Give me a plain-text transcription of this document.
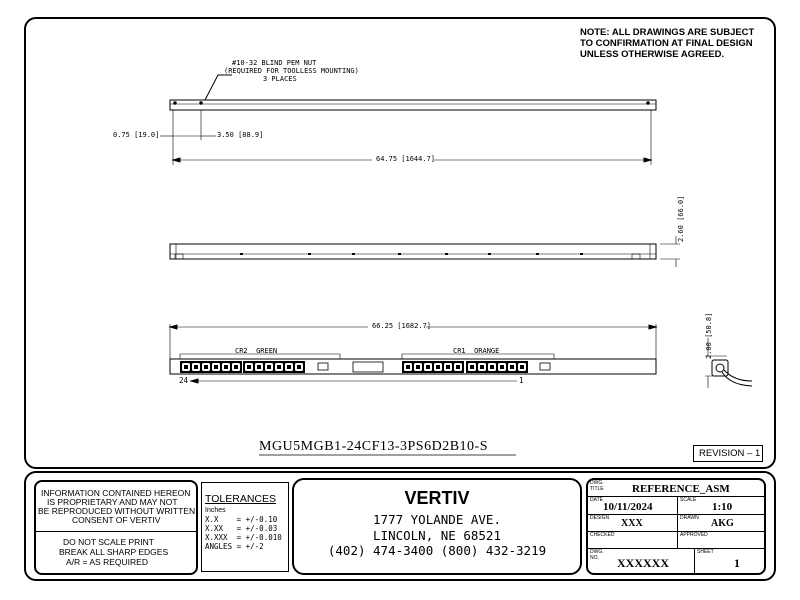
NOTE: ALL DRAWINGS ARE SUBJECT
TO CONFIRMATION AT FINAL DESIGN
UNLESS OTHERWISE AGREED.
#10-32 BLIND PEM NUT
(REQUIRED FOR TOOLLESS MOUNTING)
3 PLACES
0.75 [19.0]	3.50 [88.9]
64.75 [1644.7]
2.60 [66.0]
66.25 [1682.7]
CR2  GREEN	CR1  ORANGE
24	1
2.00 [50.8]
MGU5MGB1-24CF13-3PS6D2B10-S	REVISION – 1
INFORMATION CONTAINED HEREON
IS PROPRIETARY AND MAY NOT
BE REPRODUCED WITHOUT WRITTEN
CONSENT OF VERTIV
DO NOT SCALE PRINT
BREAK ALL SHARP EDGES
A/R = AS REQUIRED
TOLERANCES
Inches
X.X    = +/-0.10
X.XX   = +/-0.03
X.XXX  = +/-0.010
ANGLES = +/-2
VERTIV
1777 YOLANDE AVE.
LINCOLN, NE 68521
(402) 474-3400 (800) 432-3219
DWG.
TITLE	REFERENCE_ASM
DATE
10/11/2024
SCALE
1:10
DESIGN XXX	DRAWN AKG
CHECKED	APPROVED
DWG.
NO.	XXXXXX
SHEET
1
